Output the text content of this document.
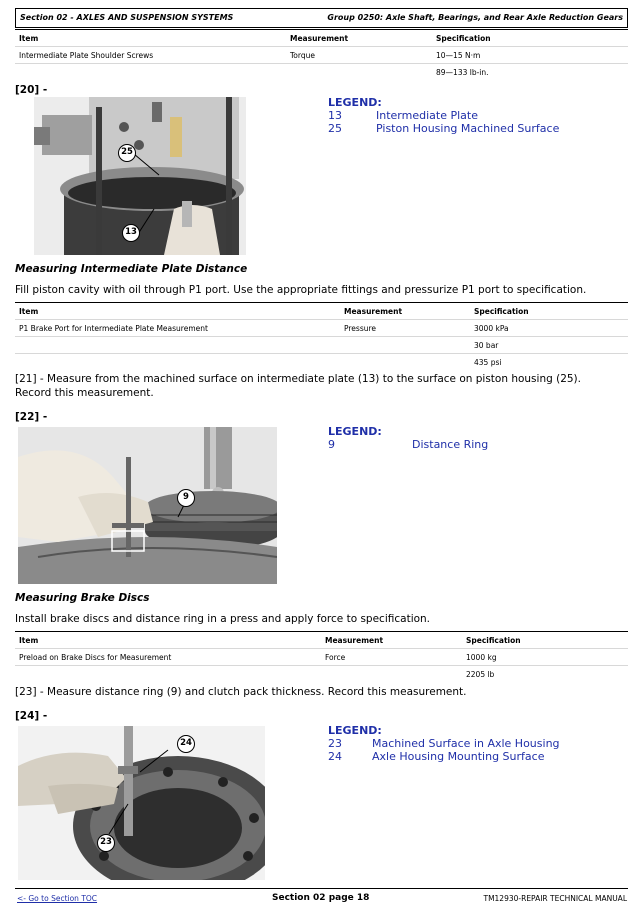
Section 02 - AXLES AND SUSPENSION SYSTEMS	Group 0250: Axle Shaft, Bearings, and Rear Axle Reduction Gears
Item	Measurement	Specification
Intermediate Plate Shoulder Screws	Torque	10—15 N·m
89—133 lb-in.
[20] -
25
13
LEGEND:
13	Intermediate Plate
25	Piston Housing Machined Surface
Measuring Intermediate Plate Distance
Fill piston cavity with oil through P1 port. Use the appropriate fittings and pressurize P1 port to specification.
Item	Measurement	Specification
P1 Brake Port for Intermediate Plate Measurement	Pressure	3000 kPa
30 bar
435 psi
[21] - Measure from the machined surface on intermediate plate (13) to the surface on piston housing (25). Record this measurement.
[22] -
9
LEGEND:
9	Distance Ring
Measuring Brake Discs
Install brake discs and distance ring in a press and apply force to specification.
Item	Measurement	Specification
Preload on Brake Discs for Measurement	Force	1000 kg
2205 lb
[23] - Measure distance ring (9) and clutch pack thickness. Record this measurement.
[24] -
24
23
LEGEND:
23	Machined Surface in Axle Housing
24	Axle Housing Mounting Surface
<- Go to Section TOC	Section 02 page 18	TM12930-REPAIR TECHNICAL MANUAL
